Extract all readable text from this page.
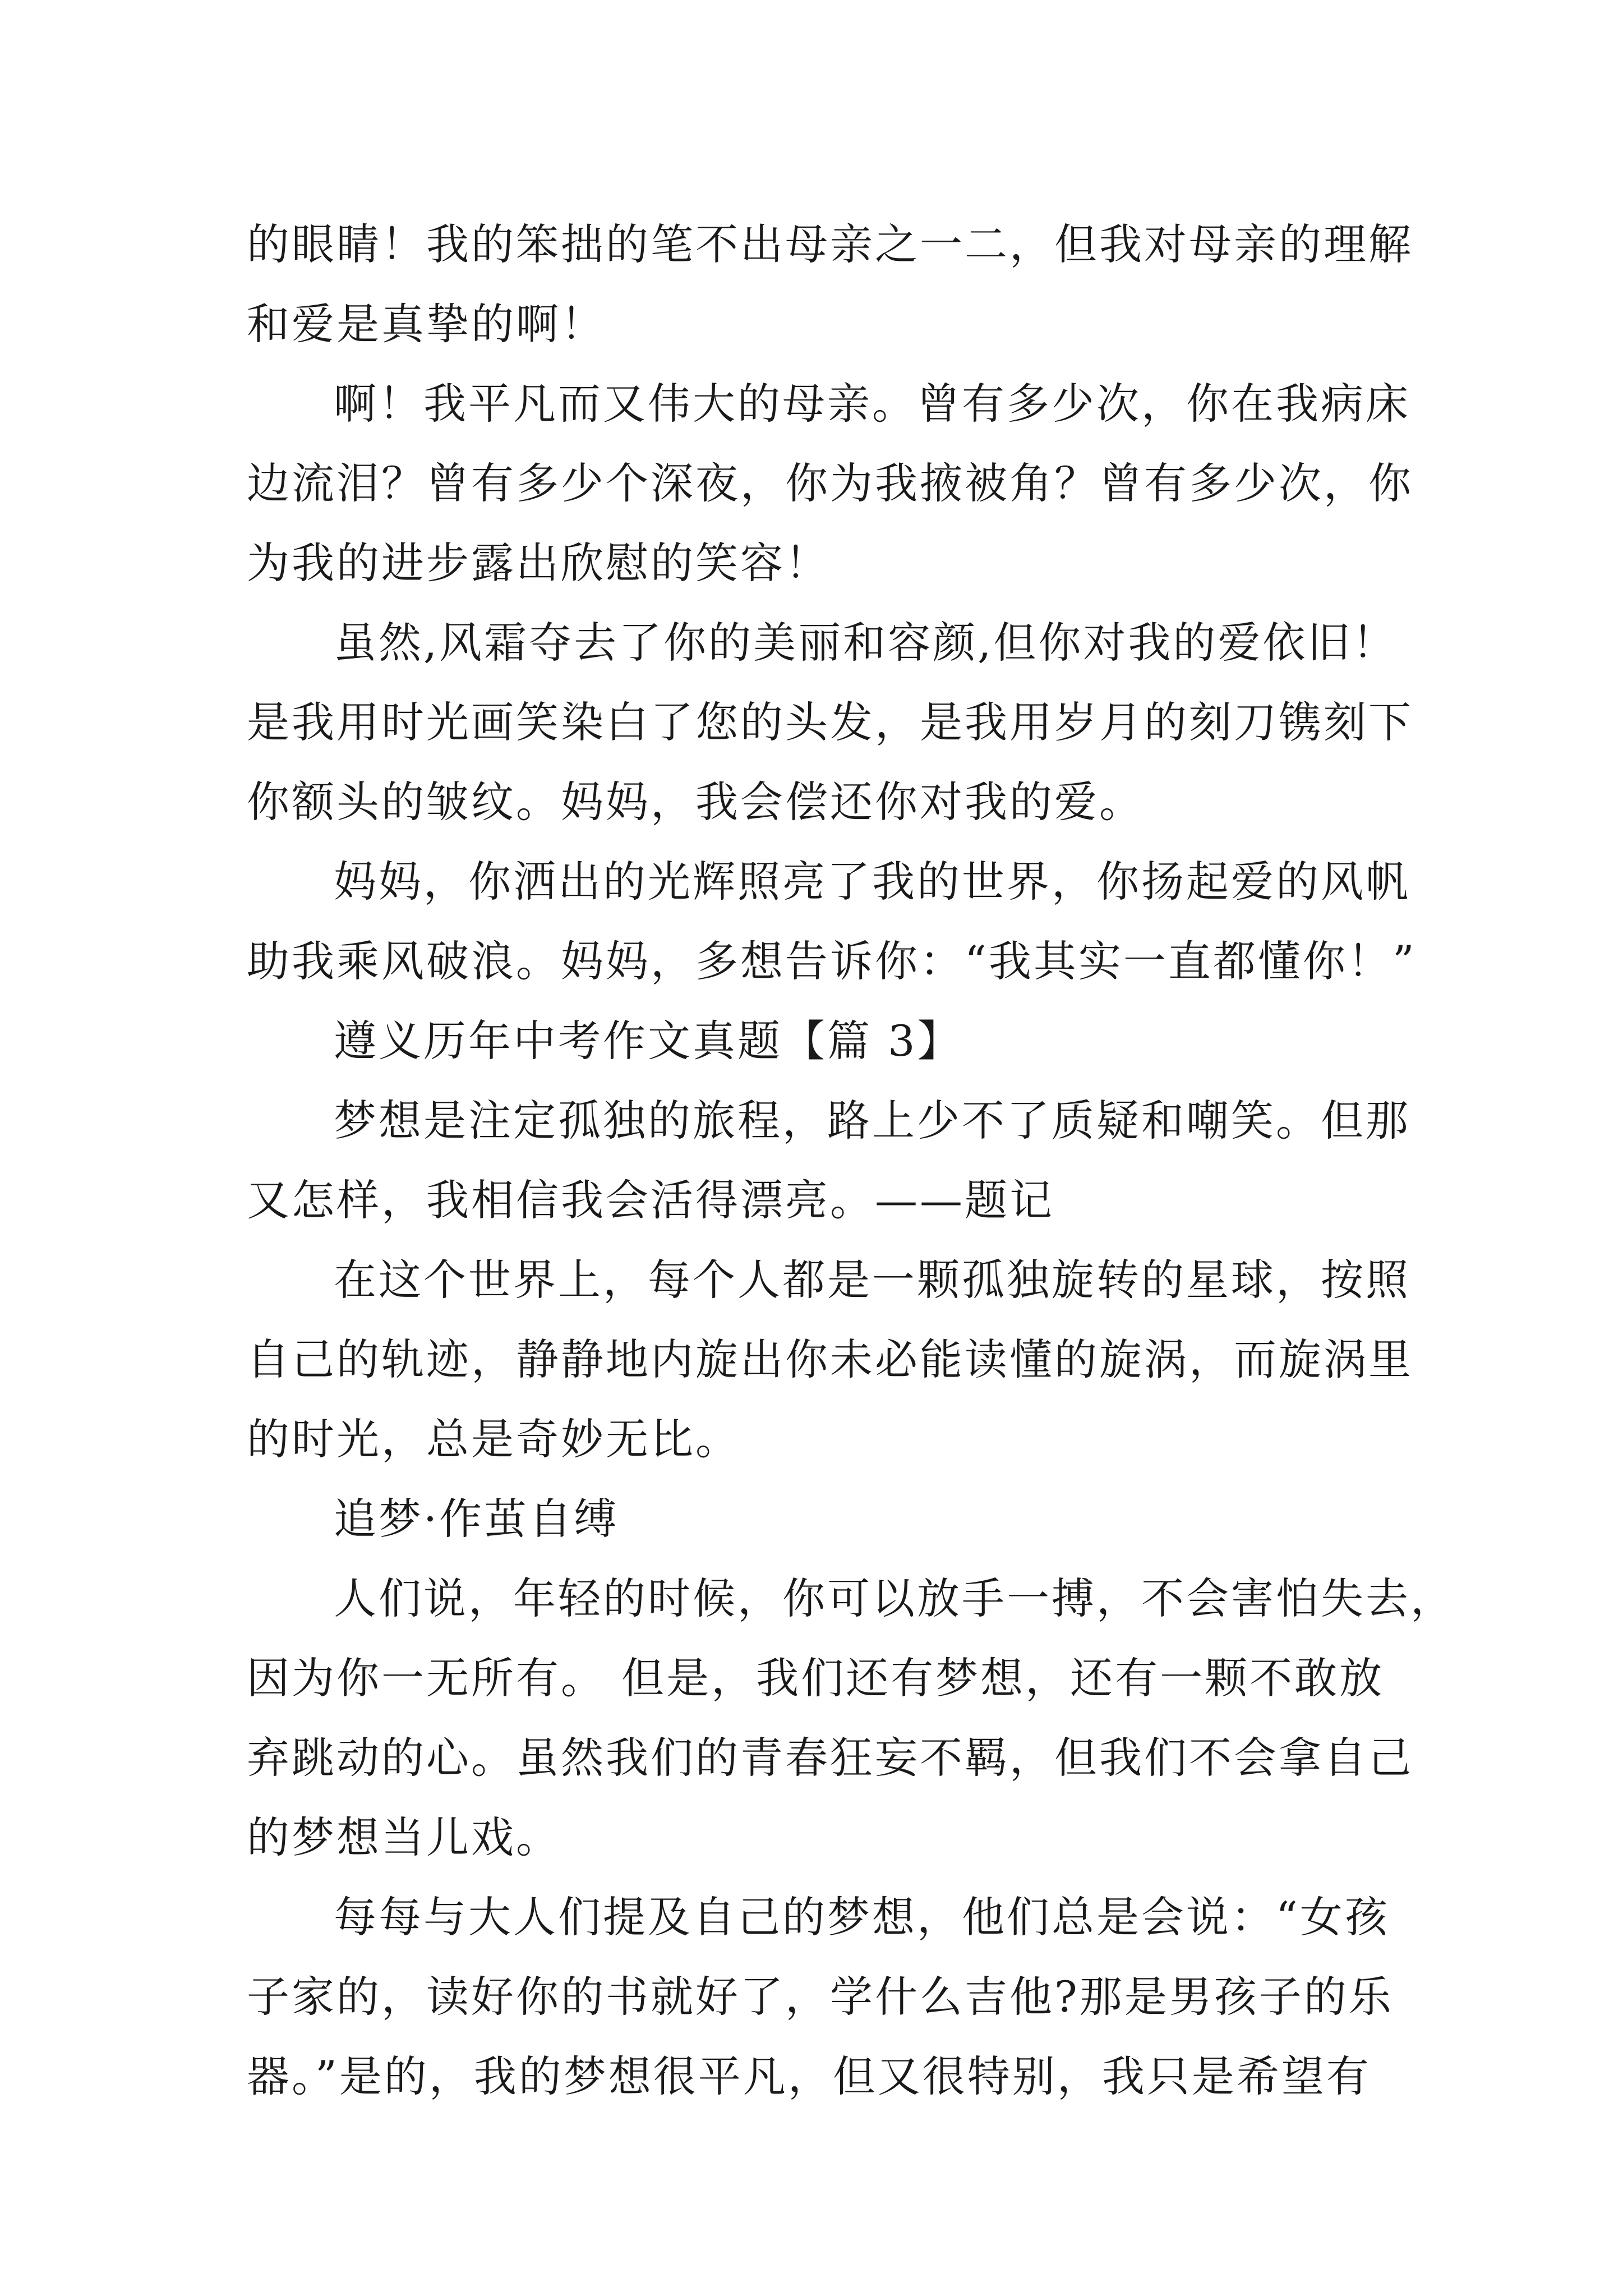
的眼睛！我的笨拙的笔不出母亲之一二，但我对母亲的理解
和爱是真挚的啊！
啊！我平凡而又伟大的母亲。曾有多少次，你在我病床
边流泪？曾有多少个深夜，你为我掖被角？曾有多少次，你
为我的进步露出欣慰的笑容！
虽然,风霜夺去了你的美丽和容颜,但你对我的爱依旧！
是我用时光画笑染白了您的头发，是我用岁月的刻刀镌刻下
你额头的皱纹。妈妈，我会偿还你对我的爱。
妈妈，你洒出的光辉照亮了我的世界，你扬起爱的风帆
助我乘风破浪。妈妈，多想告诉你：“我其实一直都懂你！”
遵义历年中考作文真题【篇 3】
梦想是注定孤独的旅程，路上少不了质疑和嘲笑。但那
又怎样，我相信我会活得漂亮。——题记
在这个世界上，每个人都是一颗孤独旋转的星球，按照
自己的轨迹，静静地内旋出你未必能读懂的旋涡，而旋涡里
的时光，总是奇妙无比。
追梦·作茧自缚
人们说，年轻的时候，你可以放手一搏，不会害怕失去，
因为你一无所有。 但是，我们还有梦想，还有一颗不敢放
弃跳动的心。虽然我们的青春狂妄不羁，但我们不会拿自己
的梦想当儿戏。
每每与大人们提及自己的梦想，他们总是会说：“女孩
子家的，读好你的书就好了，学什么吉他?那是男孩子的乐
器。”是的，我的梦想很平凡，但又很特别，我只是希望有
